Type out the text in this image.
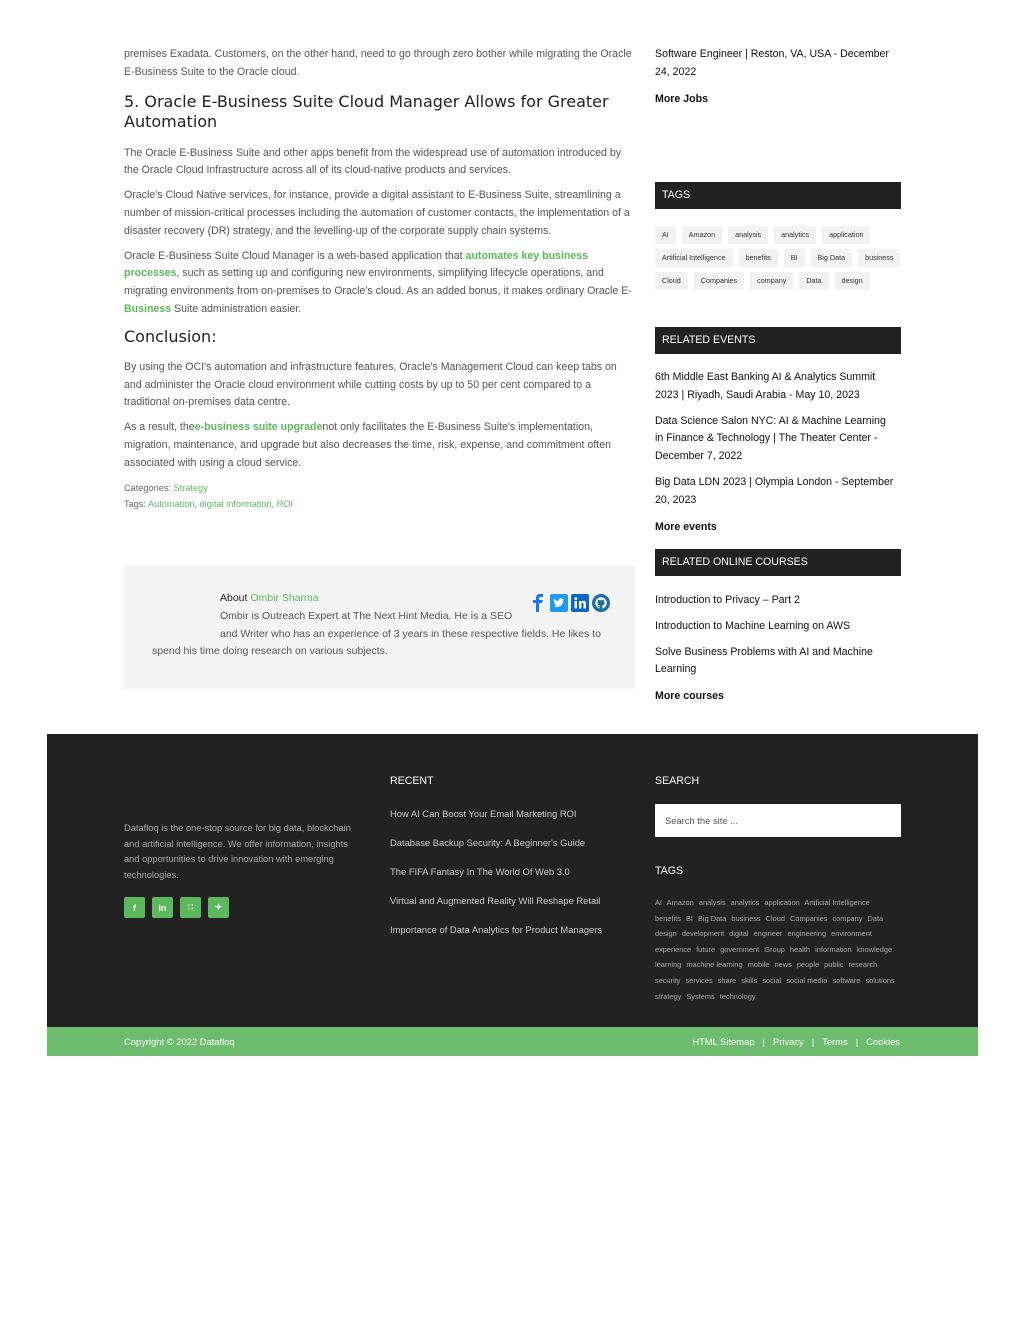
premises Exadata. Customers, on the other hand, need to go through zero bother while migrating the Oracle E-Business Suite to the Oracle cloud.

5. Oracle E-Business Suite Cloud Manager Allows for Greater Automation

The Oracle E-Business Suite and other apps benefit from the widespread use of automation introduced by the Oracle Cloud Infrastructure across all of its cloud-native products and services.

Oracle's Cloud Native services, for instance, provide a digital assistant to E-Business Suite, streamlining a number of mission-critical processes including the automation of customer contacts, the implementation of a disaster recovery (DR) strategy, and the levelling-up of the corporate supply chain systems.

Oracle E-Business Suite Cloud Manager is a web-based application that automates key business processes, such as setting up and configuring new environments, simplifying lifecycle operations, and migrating environments from on-premises to Oracle's cloud. As an added bonus, it makes ordinary Oracle E-Business Suite administration easier.

Conclusion:

By using the OCI's automation and infrastructure features, Oracle's Management Cloud can keep tabs on and administer the Oracle cloud environment while cutting costs by up to 50 per cent compared to a traditional on-premises data centre.

As a result, thee-business suite upgradenot only facilitates the E-Business Suite's implementation, migration, maintenance, and upgrade but also decreases the time, risk, expense, and commitment often associated with using a cloud service.

Categories: Strategy
Tags: Automation, digital information, ROI
About Ombir Sharma
Ombir is Outreach Expert at The Next Hint Media. He is a SEO
and Writer who has an experience of 3 years in these respective fields. He likes to
spend his time doing research on various subjects.
Software Engineer | Reston, VA, USA - December 24, 2022
More Jobs
TAGS
AI	Amazon	analysis	analytics	application
Artificial Intelligence	benefits	BI	Big Data	business
Cloud	Companies	company	Data	design
RELATED EVENTS
6th Middle East Banking AI & Analytics Summit 2023 | Riyadh, Saudi Arabia - May 10, 2023
Data Science Salon NYC: AI & Machine Learning in Finance & Technology | The Theater Center - December 7, 2022
Big Data LDN 2023 | Olympia London - September 20, 2023
More events
RELATED ONLINE COURSES
Introduction to Privacy – Part 2
Introduction to Machine Learning on AWS
Solve Business Problems with AI and Machine Learning
More courses
Datafloq is the one-stop source for big data, blockchain and artificial intelligence. We offer information, insights and opportunities to drive innovation with emerging technologies.
f	in	∷	✦
RECENT
How AI Can Boost Your Email Marketing ROI
Database Backup Security: A Beginner's Guide
The FIFA Fantasy In The World Of Web 3.0
Virtual and Augmented Reality Will Reshape Retail
Importance of Data Analytics for Product Managers
SEARCH
Search the site ...
TAGS
AI Amazon analysis analytics application Artificial Intelligence benefits BI Big Data business Cloud Companies company Data design development digital engineer engineering environment experience future government Group health information knowledge learning machine learning mobile news people public research security services share skills social social media software solutions strategy Systems technology
Copyright © 2022 Datafloq	HTML Sitemap | Privacy | Terms | Cookies
